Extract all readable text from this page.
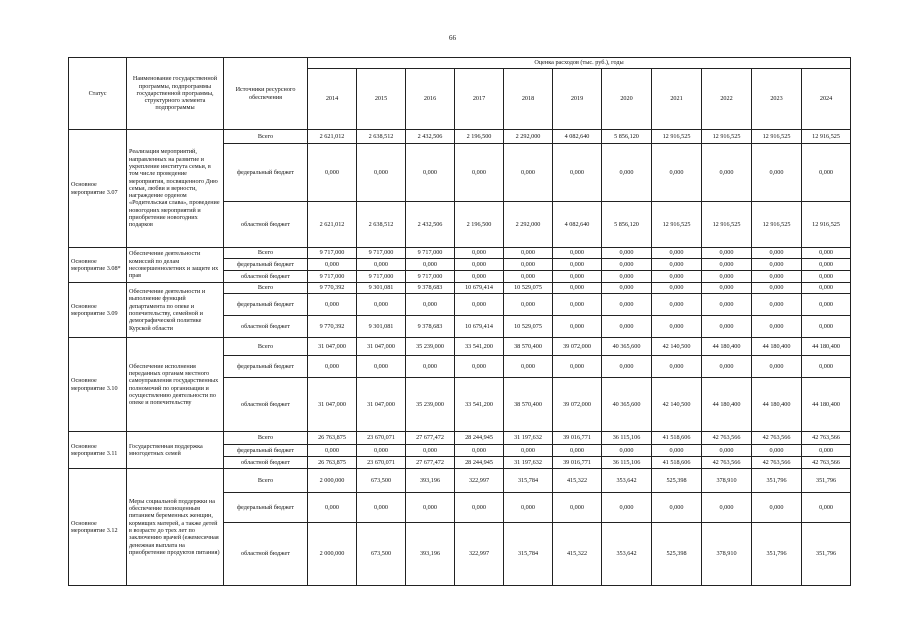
66
Статус	Наименование государственной программы, подпрограммы государственной программы, структурного элемента подпрограммы	Источники ресурсного обеспечения	Оценка расходов (тыс. руб.), годы										
			2014	2015	2016	2017	2018	2019	2020	2021	2022	2023	2024
Основное мероприятие 3.07	Реализация мероприятий, направленных на развитие и укрепление института семьи, в том числе проведение мероприятия, посвященного Дню семьи, любви и верности, награждение орденом «Родительская слава», проведение новогодних мероприятий и приобретение новогодних подарков	Всего	2 621,012	2 638,512	2 432,506	2 196,500	2 292,000	4 082,640	5 856,120	12 916,525	12 916,525	12 916,525	12 916,525
		федеральный бюджет	0,000	0,000	0,000	0,000	0,000	0,000	0,000	0,000	0,000	0,000	0,000
		областной бюджет	2 621,012	2 638,512	2 432,506	2 196,500	2 292,000	4 082,640	5 856,120	12 916,525	12 916,525	12 916,525	12 916,525
Основное мероприятие 3.08*	Обеспечение деятельности комиссий по делам несовершеннолетних и защите их прав	Всего	9 717,000	9 717,000	9 717,000	0,000	0,000	0,000	0,000	0,000	0,000	0,000	0,000
		федеральный бюджет	0,000	0,000	0,000	0,000	0,000	0,000	0,000	0,000	0,000	0,000	0,000
		областной бюджет	9 717,000	9 717,000	9 717,000	0,000	0,000	0,000	0,000	0,000	0,000	0,000	0,000
Основное мероприятие 3.09	Обеспечение деятельности и выполнение функций департамента по опеке и попечительству, семейной и демографической политике Курской области	Всего	9 770,392	9 301,081	9 378,683	10 679,414	10 529,075	0,000	0,000	0,000	0,000	0,000	0,000
		федеральный бюджет	0,000	0,000	0,000	0,000	0,000	0,000	0,000	0,000	0,000	0,000	0,000
		областной бюджет	9 770,392	9 301,081	9 378,683	10 679,414	10 529,075	0,000	0,000	0,000	0,000	0,000	0,000
Основное мероприятие 3.10	Обеспечение исполнения переданных органам местного самоуправления государственных полномочий по организации и осуществлению деятельности по опеке и попечительству	Всего	31 047,000	31 047,000	35 239,000	33 541,200	38 570,400	39 072,000	40 365,600	42 140,500	44 180,400	44 180,400	44 180,400
		федеральный бюджет	0,000	0,000	0,000	0,000	0,000	0,000	0,000	0,000	0,000	0,000	0,000
		областной бюджет	31 047,000	31 047,000	35 239,000	33 541,200	38 570,400	39 072,000	40 365,600	42 140,500	44 180,400	44 180,400	44 180,400
Основное мероприятие 3.11	Государственная поддержка многодетных семей	Всего	26 763,875	23 670,071	27 677,472	28 244,945	31 197,632	39 016,771	36 115,106	41 518,606	42 763,566	42 763,566	42 763,566
		федеральный бюджет	0,000	0,000	0,000	0,000	0,000	0,000	0,000	0,000	0,000	0,000	0,000
		областной бюджет	26 763,875	23 670,071	27 677,472	28 244,945	31 197,632	39 016,771	36 115,106	41 518,606	42 763,566	42 763,566	42 763,566
Основное мероприятие 3.12	Меры социальной поддержки на обеспечение полноценным питанием беременных женщин, кормящих матерей, а также детей в возрасте до трех лет по заключению врачей (ежемесячная денежная выплата на приобретение продуктов питания)	Всего	2 000,000	673,500	393,196	322,997	315,784	415,322	353,642	525,398	378,910	351,796	351,796
		федеральный бюджет	0,000	0,000	0,000	0,000	0,000	0,000	0,000	0,000	0,000	0,000	0,000
		областной бюджет	2 000,000	673,500	393,196	322,997	315,784	415,322	353,642	525,398	378,910	351,796	351,796
